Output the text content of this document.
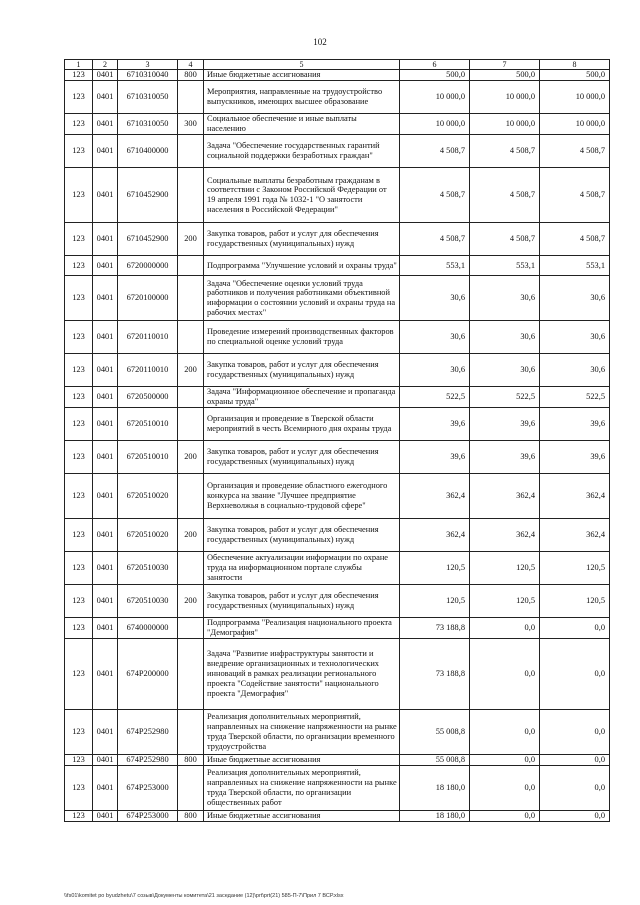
102
1	2	3	4	5	6	7	8
123	0401	6710310040	800	Иные бюджетные ассигнования	500,0	500,0	500,0
123	0401	6710310050		Мероприятия, направленные на трудоустройство выпускников, имеющих высшее образование	10 000,0	10 000,0	10 000,0
123	0401	6710310050	300	Социальное обеспечение и иные выплаты населению	10 000,0	10 000,0	10 000,0
123	0401	6710400000		Задача "Обеспечение государственных гарантий социальной поддержки безработных граждан"	4 508,7	4 508,7	4 508,7
123	0401	6710452900		Социальные выплаты безработным гражданам в соответствии с Законом Российской Федерации от 19 апреля 1991 года № 1032-1 "О занятости населения в Российской Федерации"	4 508,7	4 508,7	4 508,7
123	0401	6710452900	200	Закупка товаров, работ и услуг для обеспечения государственных (муниципальных) нужд	4 508,7	4 508,7	4 508,7
123	0401	6720000000		Подпрограмма "Улучшение условий и охраны труда"	553,1	553,1	553,1
123	0401	6720100000		Задача "Обеспечение оценки условий труда работников и получения работниками объективной информации о состоянии условий и охраны труда на рабочих местах"	30,6	30,6	30,6
123	0401	6720110010		Проведение измерений производственных факторов по специальной оценке условий труда	30,6	30,6	30,6
123	0401	6720110010	200	Закупка товаров, работ и услуг для обеспечения государственных (муниципальных) нужд	30,6	30,6	30,6
123	0401	6720500000		Задача "Информационное обеспечение и пропаганда охраны труда"	522,5	522,5	522,5
123	0401	6720510010		Организация и проведение в Тверской области мероприятий в честь Всемирного дня охраны труда	39,6	39,6	39,6
123	0401	6720510010	200	Закупка товаров, работ и услуг для обеспечения государственных (муниципальных) нужд	39,6	39,6	39,6
123	0401	6720510020		Организация и проведение областного ежегодного конкурса на звание "Лучшее предприятие Верхневолжья в социально-трудовой сфере"	362,4	362,4	362,4
123	0401	6720510020	200	Закупка товаров, работ и услуг для обеспечения государственных (муниципальных) нужд	362,4	362,4	362,4
123	0401	6720510030		Обеспечение актуализации информации по охране труда на информационном портале службы занятости	120,5	120,5	120,5
123	0401	6720510030	200	Закупка товаров, работ и услуг для обеспечения государственных (муниципальных) нужд	120,5	120,5	120,5
123	0401	6740000000		Подпрограмма "Реализация национального проекта "Демография"	73 188,8	0,0	0,0
123	0401	674P200000		Задача "Развитие инфраструктуры занятости и внедрение организационных и технологических инноваций в рамках реализации регионального проекта "Содействие занятости" национального проекта "Демография"	73 188,8	0,0	0,0
123	0401	674P252980		Реализация дополнительных мероприятий, направленных на снижение напряженности на рынке труда Тверской области, по организации временного трудоустройства	55 008,8	0,0	0,0
123	0401	674P252980	800	Иные бюджетные ассигнования	55 008,8	0,0	0,0
123	0401	674P253000		Реализация дополнительных мероприятий, направленных на снижение напряженности на рынке труда Тверской области, по организации общественных работ	18 180,0	0,0	0,0
123	0401	674P253000	800	Иные бюджетные ассигнования	18 180,0	0,0	0,0
\\fs01\komitet po byudzhetu\7 созыв\Документы комитета\21 заседание (12)\prt\prt(21) 585-П-7\Прил 7 ВСР.xlsx
